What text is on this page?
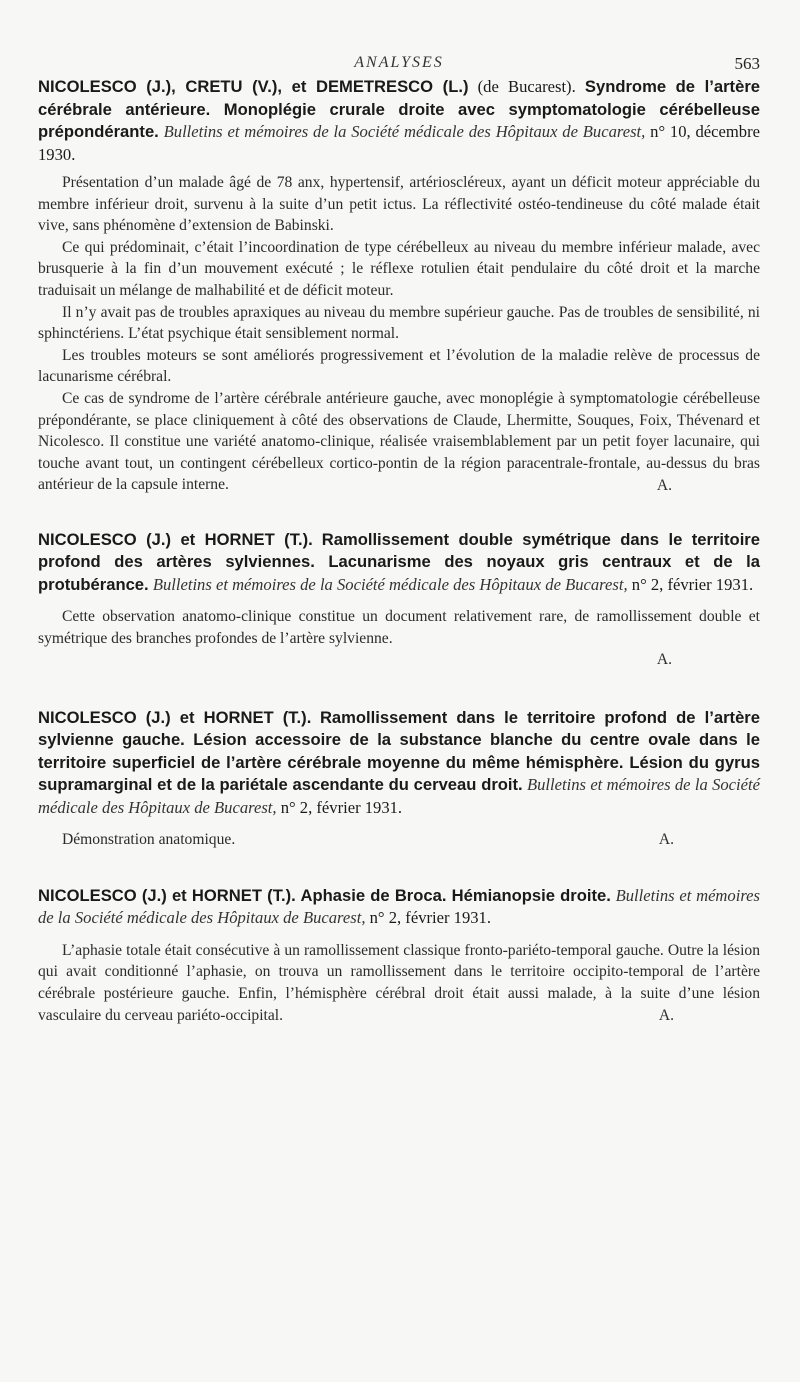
ANALYSES	563

NICOLESCO (J.), CRETU (V.), et DEMETRESCO (L.) (de Bucarest). Syndrome de l’artère cérébrale antérieure. Monoplégie crurale droite avec symptomatologie cérébelleuse prépondérante. Bulletins et mémoires de la Société médicale des Hôpitaux de Bucarest, n° 10, décembre 1930.

Présentation d’un malade âgé de 78 anx, hypertensif, artérioscléreux, ayant un déficit moteur appréciable du membre inférieur droit, survenu à la suite d’un petit ictus. La réflectivité ostéo-tendineuse du côté malade était vive, sans phénomène d’extension de Babinski.

Ce qui prédominait, c’était l’incoordination de type cérébelleux au niveau du membre inférieur malade, avec brusquerie à la fin d’un mouvement exécuté ; le réflexe rotulien était pendulaire du côté droit et la marche traduisait un mélange de malhabilité et de déficit moteur.

Il n’y avait pas de troubles apraxiques au niveau du membre supérieur gauche. Pas de troubles de sensibilité, ni sphinctériens. L’état psychique était sensiblement normal.

Les troubles moteurs se sont améliorés progressivement et l’évolution de la maladie relève de processus de lacunarisme cérébral.

Ce cas de syndrome de l’artère cérébrale antérieure gauche, avec monoplégie à symptomatologie cérébelleuse prépondérante, se place cliniquement à côté des observations de Claude, Lhermitte, Souques, Foix, Thévenard et Nicolesco. Il constitue une variété anatomo-clinique, réalisée vraisemblablement par un petit foyer lacunaire, qui touche avant tout, un contingent cérébelleux cortico-pontin de la région paracentrale-frontale, au-dessus du bras antérieur de la capsule interne.	A.

NICOLESCO (J.) et HORNET (T.). Ramollissement double symétrique dans le territoire profond des artères sylviennes. Lacunarisme des noyaux gris centraux et de la protubérance. Bulletins et mémoires de la Société médicale des Hôpitaux de Bucarest, n° 2, février 1931.

Cette observation anatomo-clinique constitue un document relativement rare, de ramollissement double et symétrique des branches profondes de l’artère sylvienne.

A.

NICOLESCO (J.) et HORNET (T.). Ramollissement dans le territoire profond de l’artère sylvienne gauche. Lésion accessoire de la substance blanche du centre ovale dans le territoire superficiel de l’artère cérébrale moyenne du même hémisphère. Lésion du gyrus supramarginal et de la pariétale ascendante du cerveau droit. Bulletins et mémoires de la Société médicale des Hôpitaux de Bucarest, n° 2, février 1931.

Démonstration anatomique.	A.

NICOLESCO (J.) et HORNET (T.). Aphasie de Broca. Hémianopsie droite. Bulletins et mémoires de la Société médicale des Hôpitaux de Bucarest, n° 2, février 1931.

L’aphasie totale était consécutive à un ramollissement classique fronto-pariéto-temporal gauche. Outre la lésion qui avait conditionné l’aphasie, on trouva un ramollissement dans le territoire occipito-temporal de l’artère cérébrale postérieure gauche. Enfin, l’hémisphère cérébral droit était aussi malade, à la suite d’une lésion vasculaire du cerveau pariéto-occipital.	A.
